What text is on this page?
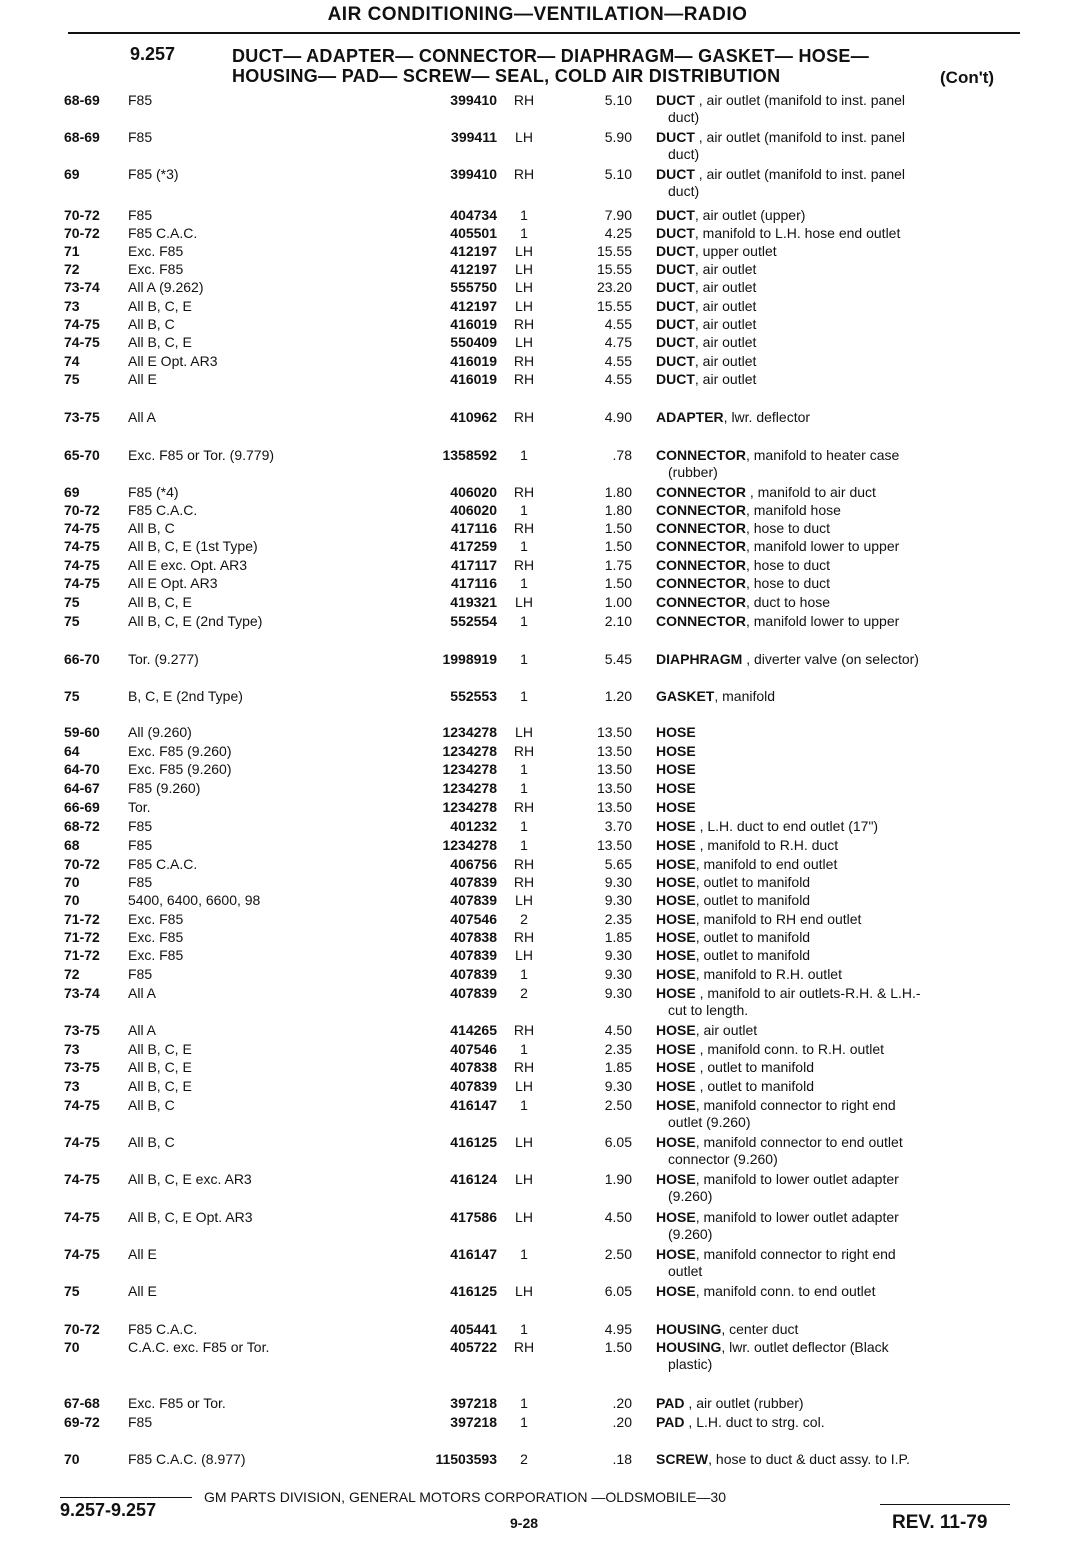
AIR CONDITIONING—VENTILATION—RADIO
9.257	DUCT— ADAPTER— CONNECTOR— DIAPHRAGM— GASKET— HOSE—
HOUSING— PAD— SCREW— SEAL, COLD AIR DISTRIBUTION	(Con't)
68-69 F85	399410	RH	5.10 DUCT , air outlet (manifold to inst. panel
duct)
68-69 F85	399411	LH	5.90 DUCT , air outlet (manifold to inst. panel
duct)
69	F85 (*3)	399410	RH	5.10 DUCT , air outlet (manifold to inst. panel
duct)
70-72 F85	404734	1	7.90 DUCT, air outlet (upper)
70-72 F85 C.A.C.	405501	1	4.25 DUCT, manifold to L.H. hose end outlet
71	Exc. F85	412197	LH	15.55 DUCT, upper outlet
72	Exc. F85	412197	LH	15.55 DUCT, air outlet
73-74 All A (9.262)	555750	LH	23.20 DUCT, air outlet
73	All B, C, E	412197	LH	15.55 DUCT, air outlet
74-75 All B, C	416019	RH	4.55 DUCT, air outlet
74-75 All B, C, E	550409	LH	4.75 DUCT, air outlet
74	All E Opt. AR3	416019	RH	4.55 DUCT, air outlet
75	All E	416019	RH	4.55 DUCT, air outlet
73-75 All A	410962	RH	4.90 ADAPTER, lwr. deflector
65-70 Exc. F85 or Tor. (9.779)	1358592	1	.78 CONNECTOR, manifold to heater case
(rubber)
69	F85 (*4)	406020	RH	1.80 CONNECTOR , manifold to air duct
70-72 F85 C.A.C.	406020	1	1.80 CONNECTOR, manifold hose
74-75 All B, C	417116	RH	1.50 CONNECTOR, hose to duct
74-75 All B, C, E (1st Type)	417259	1	1.50 CONNECTOR, manifold lower to upper
74-75 All E exc. Opt. AR3	417117	RH	1.75 CONNECTOR, hose to duct
74-75 All E Opt. AR3	417116	1	1.50 CONNECTOR, hose to duct
75	All B, C, E	419321	LH	1.00 CONNECTOR, duct to hose
75	All B, C, E (2nd Type)	552554	1	2.10 CONNECTOR, manifold lower to upper
66-70 Tor. (9.277)	1998919	1	5.45 DIAPHRAGM , diverter valve (on selector)
75	B, C, E (2nd Type)	552553	1	1.20 GASKET, manifold
59-60 All (9.260)	1234278	LH	13.50 HOSE
64	Exc. F85 (9.260)	1234278	RH	13.50 HOSE
64-70 Exc. F85 (9.260)	1234278	1	13.50 HOSE
64-67 F85 (9.260)	1234278	1	13.50 HOSE
66-69 Tor.	1234278	RH	13.50 HOSE
68-72 F85	401232	1	3.70 HOSE , L.H. duct to end outlet (17")
68	F85	1234278	1	13.50 HOSE , manifold to R.H. duct
70-72 F85 C.A.C.	406756	RH	5.65 HOSE, manifold to end outlet
70	F85	407839	RH	9.30 HOSE, outlet to manifold
70	5400, 6400, 6600, 98	407839	LH	9.30 HOSE, outlet to manifold
71-72 Exc. F85	407546	2	2.35 HOSE, manifold to RH end outlet
71-72 Exc. F85	407838	RH	1.85 HOSE, outlet to manifold
71-72 Exc. F85	407839	LH	9.30 HOSE, outlet to manifold
72	F85	407839	1	9.30 HOSE, manifold to R.H. outlet
73-74 All A	407839	2	9.30 HOSE , manifold to air outlets-R.H. & L.H.-
cut to length.
73-75 All A	414265	RH	4.50 HOSE, air outlet
73	All B, C, E	407546	1	2.35 HOSE , manifold conn. to R.H. outlet
73-75 All B, C, E	407838	RH	1.85 HOSE , outlet to manifold
73	All B, C, E	407839	LH	9.30 HOSE , outlet to manifold
74-75 All B, C	416147	1	2.50 HOSE, manifold connector to right end
outlet (9.260)
74-75 All B, C	416125	LH	6.05 HOSE, manifold connector to end outlet
connector (9.260)
74-75 All B, C, E exc. AR3	416124	LH	1.90 HOSE, manifold to lower outlet adapter
(9.260)
74-75 All B, C, E Opt. AR3	417586	LH	4.50 HOSE, manifold to lower outlet adapter
(9.260)
74-75 All E	416147	1	2.50 HOSE, manifold connector to right end
outlet
75	All E	416125	LH	6.05 HOSE, manifold conn. to end outlet
70-72 F85 C.A.C.	405441	1	4.95 HOUSING, center duct
70	C.A.C. exc. F85 or Tor.	405722	RH	1.50 HOUSING, lwr. outlet deflector (Black
plastic)
67-68 Exc. F85 or Tor.	397218	1	.20 PAD , air outlet (rubber)
69-72 F85	397218	1	.20 PAD , L.H. duct to strg. col.
70	F85 C.A.C. (8.977)	11503593	2	.18 SCREW, hose to duct & duct assy. to I.P.
GM PARTS DIVISION, GENERAL MOTORS CORPORATION —OLDSMOBILE—30
9.257-9.257
9-28	REV. 11-79
